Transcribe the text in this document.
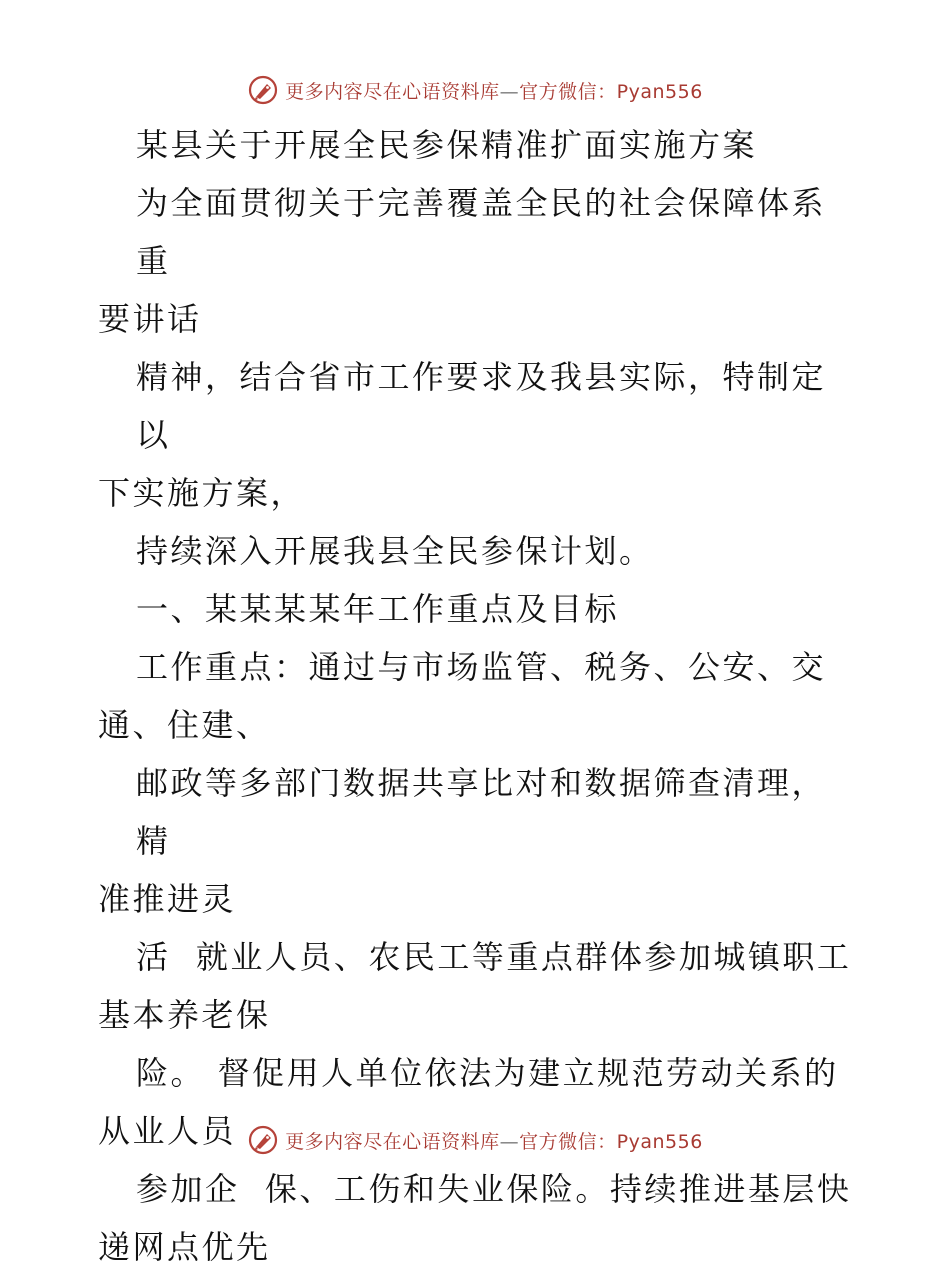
更多内容尽在心语资料库—官方微信：Pyan556

某县关于开展全民参保精准扩面实施方案

为全面贯彻关于完善覆盖全民的社会保障体系重

要讲话

精神，结合省市工作要求及我县实际，特制定以

下实施方案，

持续深入开展我县全民参保计划。

一、某某某某年工作重点及目标

工作重点：通过与市场监管、税务、公安、交

通、住建、

邮政等多部门数据共享比对和数据筛查清理，精

准推进灵

活  就业人员、农民工等重点群体参加城镇职工

基本养老保

险。 督促用人单位依法为建立规范劳动关系的

从业人员

参加企  保、工伤和失业保险。持续推进基层快

递网点优先

更多内容尽在心语资料库—官方微信：Pyan556
